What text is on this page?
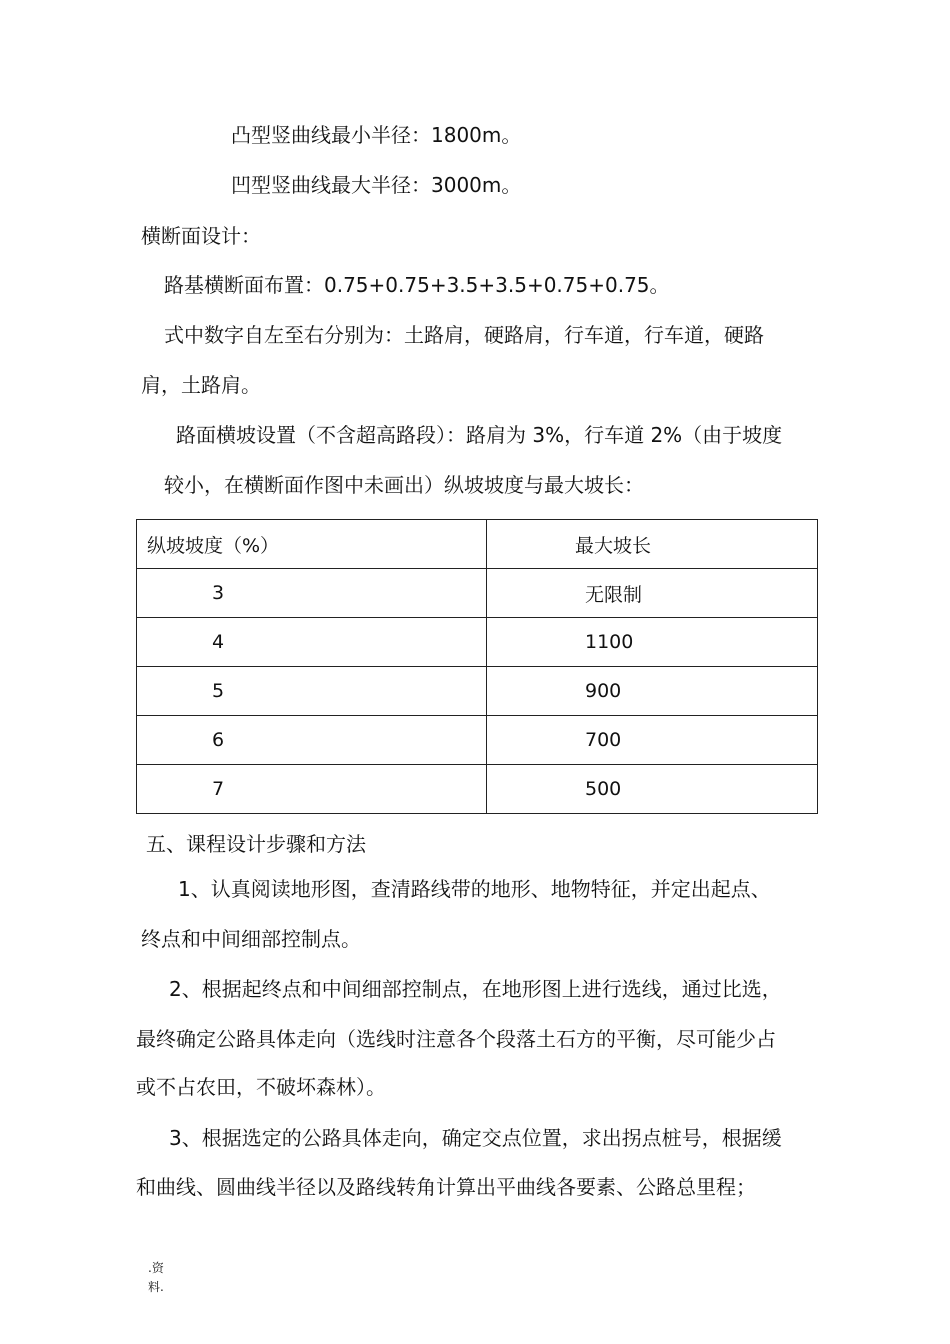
凸型竖曲线最小半径：1800m。
凹型竖曲线最大半径：3000m。
横断面设计：
路基横断面布置：0.75+0.75+3.5+3.5+0.75+0.75。
式中数字自左至右分别为：土路肩，硬路肩，行车道，行车道，硬路
肩，土路肩。
路面横坡设置（不含超高路段）：路肩为 3%，行车道 2%（由于坡度
较小，在横断面作图中未画出）纵坡坡度与最大坡长：
纵坡坡度（%）	最大坡长
3	无限制
4	1100
5	900
6	700
7	500
五、课程设计步骤和方法
1、认真阅读地形图，查清路线带的地形、地物特征，并定出起点、
终点和中间细部控制点。
2、根据起终点和中间细部控制点，在地形图上进行选线，通过比选，
最终确定公路具体走向（选线时注意各个段落土石方的平衡，尽可能少占
或不占农田，不破坏森林）。
3、根据选定的公路具体走向，确定交点位置，求出拐点桩号，根据缓
和曲线、圆曲线半径以及路线转角计算出平曲线各要素、公路总里程；
.资
料.
